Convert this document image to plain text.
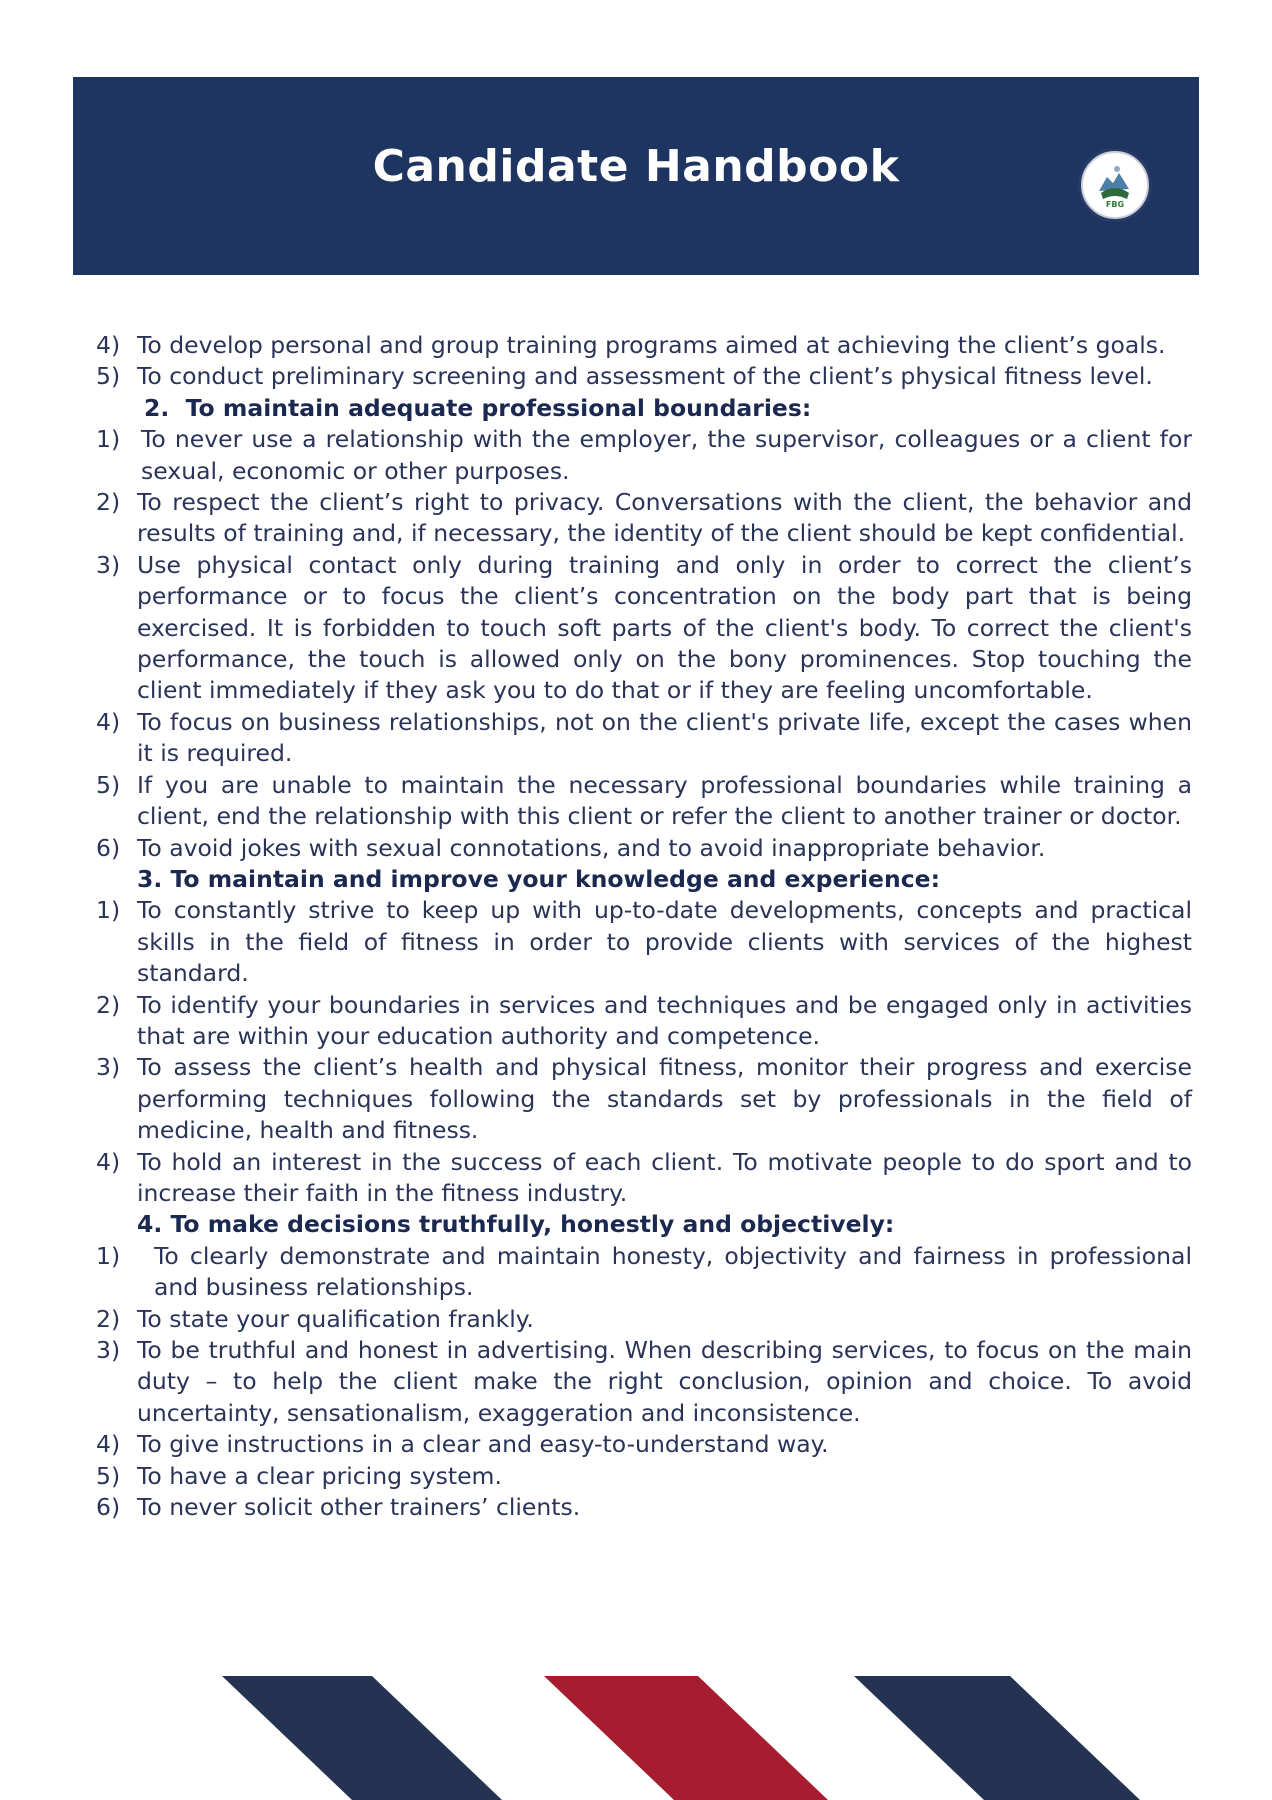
Candidate Handbook
FBG
4) To develop personal and group training programs aimed at achieving the client’s goals.
5) To conduct preliminary screening and assessment of the client’s physical fitness level.
2.  To maintain adequate professional boundaries:
1) To never use a relationship with the employer, the supervisor, colleagues or a client for sexual, economic or other purposes.
2) To respect the client’s right to privacy. Conversations with the client, the behavior and results of training and, if necessary, the identity of the client should be kept confidential.
3) Use physical contact only during training and only in order to correct the client’s performance or to focus the client’s concentration on the body part that is being exercised. It is forbidden to touch soft parts of the client's body. To correct the client's performance, the touch is allowed only on the bony prominences. Stop touching the client immediately if they ask you to do that or if they are feeling uncomfortable.
4) To focus on business relationships, not on the client's private life, except the cases when it is required.
5) If you are unable to maintain the necessary professional boundaries while training a client, end the relationship with this client or refer the client to another trainer or doctor.
6) To avoid jokes with sexual connotations, and to avoid inappropriate behavior.
3. To maintain and improve your knowledge and experience:
1) To constantly strive to keep up with up-to-date developments, concepts and practical skills in the field of fitness in order to provide clients with services of the highest standard.
2) To identify your boundaries in services and techniques and be engaged only in activities that are within your education authority and competence.
3) To assess the client’s health and physical fitness, monitor their progress and exercise performing techniques following the standards set by professionals in the field of medicine, health and fitness.
4) To hold an interest in the success of each client. To motivate people to do sport and to increase their faith in the fitness industry.
4. To make decisions truthfully, honestly and objectively:
1) To clearly demonstrate and maintain honesty, objectivity and fairness in professional and business relationships.
2) To state your qualification frankly.
3) To be truthful and honest in advertising. When describing services, to focus on the main duty – to help the client make the right conclusion, opinion and choice. To avoid uncertainty, sensationalism, exaggeration and inconsistence.
4) To give instructions in a clear and easy-to-understand way.
5) To have a clear pricing system.
6) To never solicit other trainers’ clients.
